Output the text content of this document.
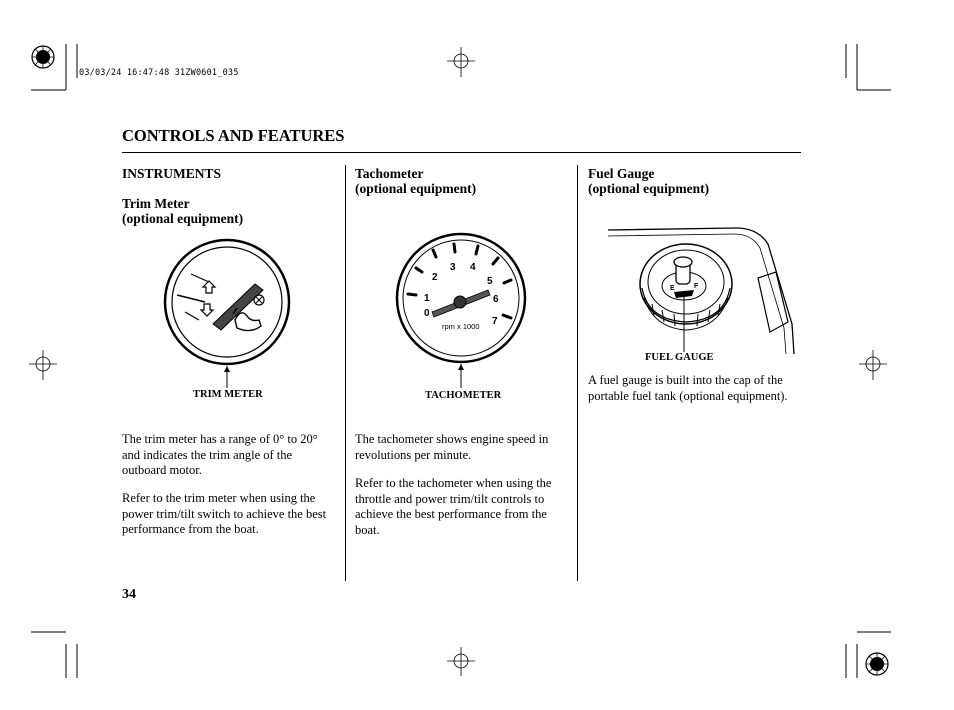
03/03/24 16:47:48 31ZW0601_035
CONTROLS AND FEATURES
INSTRUMENTS
Trim Meter
(optional equipment)
TRIM METER
The trim meter has a range of 0° to 20° and indicates the trim angle of the outboard motor.
Refer to the trim meter when using the power trim/tilt switch to achieve the best performance from the boat.
Tachometer
(optional equipment)
0
1
2
3 4
5
6
7
rpm x 1000
TACHOMETER
The tachometer shows engine speed in revolutions per minute.
Refer to the tachometer when using the throttle and power trim/tilt controls to achieve the best performance from the boat.
Fuel Gauge
(optional equipment)
E	F
FUEL GAUGE
A fuel gauge is built into the cap of the portable fuel tank (optional equipment).
34
